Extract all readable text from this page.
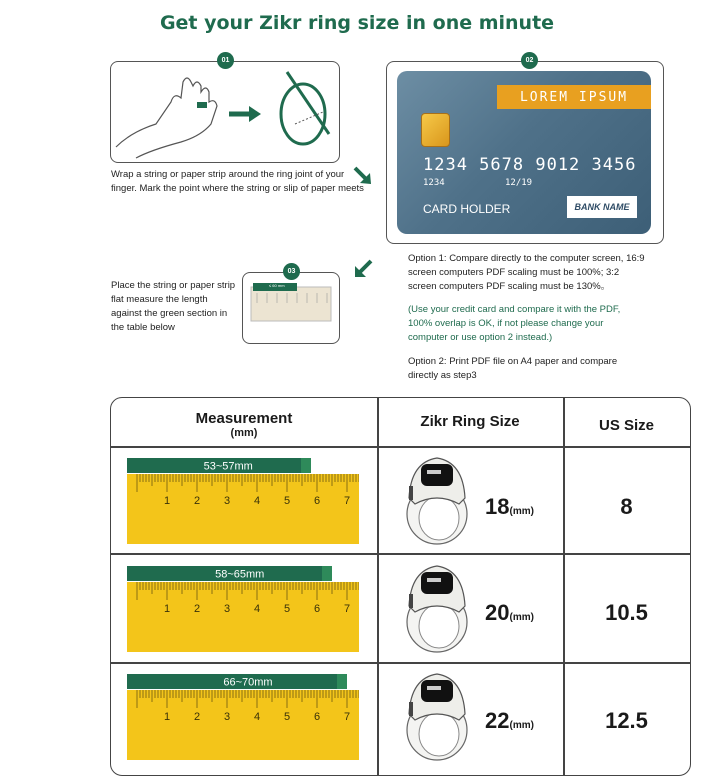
Get your Zikr ring size in one minute
01
Wrap a string or paper strip around the ring joint of your finger. Mark the point where the string or slip of paper meets
02
LOREM IPSUM
1234 5678 9012 3456
1234	12/19
CARD HOLDER	BANK NAME
Option 1: Compare directly to the computer screen, 16:9 screen computers PDF scaling must be 100%; 3:2 screen computers PDF scaling must be 130%。
(Use your credit card and compare it with the PDF, 100% overlap is OK, if not please change your computer or use option 2 instead.)
Option 2: Print PDF file on A4 paper and compare directly as step3
≤ 60 mm
03
Place the string or paper strip flat measure the length against the green section in the table below
Measurement
(mm)
Zikr Ring Size	US Size
1 2 3 4 5 6 7
53~57mm
18(mm)	8
1 2 3 4 5 6 7
58~65mm
20(mm)	10.5
1 2 3 4 5 6 7
66~70mm
22(mm)	12.5
